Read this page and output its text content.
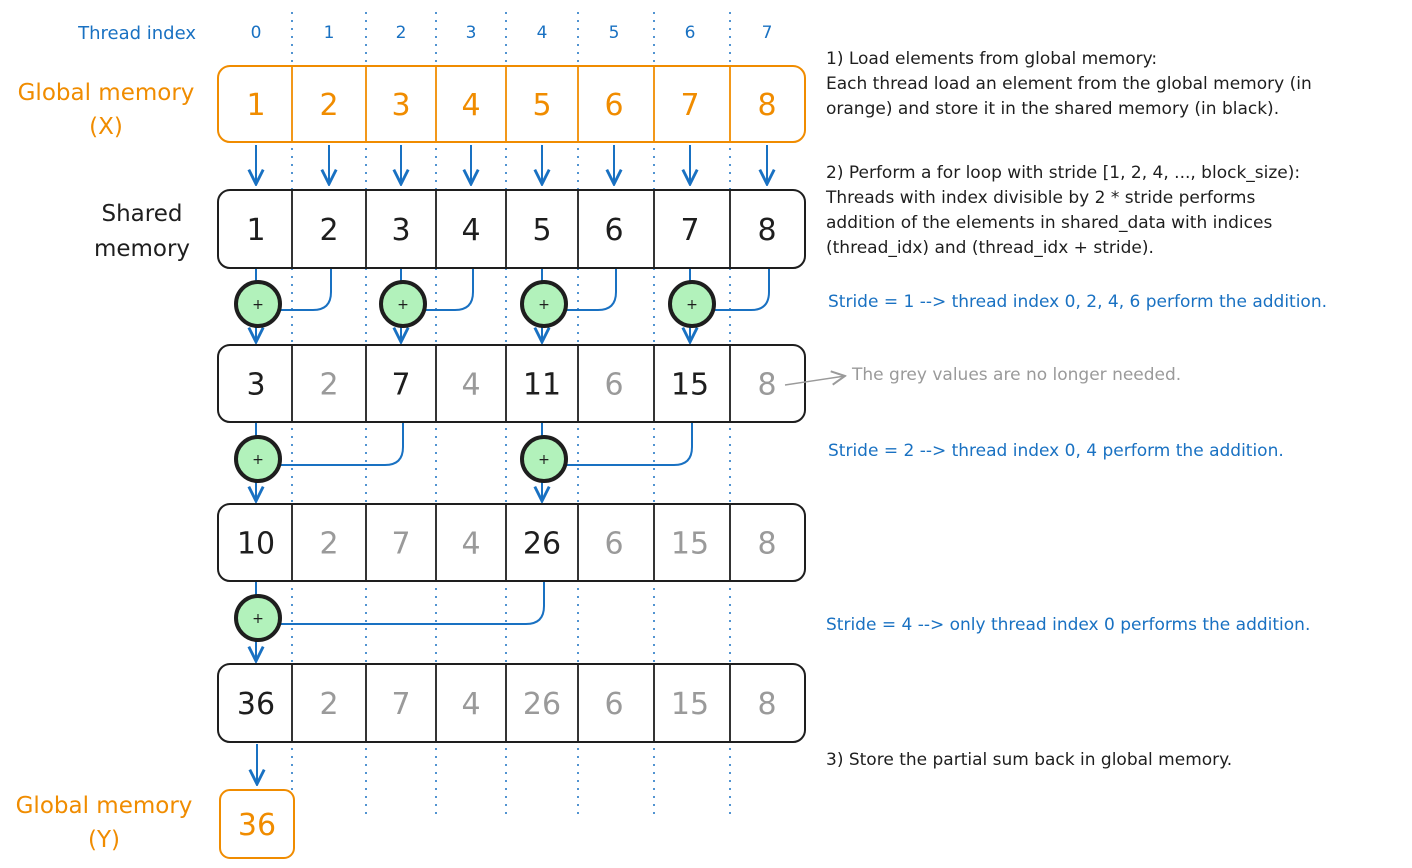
0	1	2	3	4	5	6	7
1 2 3 4 5 6 7 8
1 2 3 4 5 6 7 8
3 2 7 4 11 6 15 8
10 2 7 4 26 6 15 8
36 2 7 4 26 6 15 8
+	+	+	+
+	+
+
Thread index
Global memory
(X)
Shared
memory
Global memory
(Y)	36
1) Load elements from global memory:
Each thread load an element from the global memory (in
orange) and store it in the shared memory (in black).
2) Perform a for loop with stride [1, 2, 4, ..., block_size):
Threads with index divisible by 2 * stride performs
addition of the elements in shared_data with indices
(thread_idx) and (thread_idx + stride).
Stride = 1 --> thread index 0, 2, 4, 6 perform the addition.
The grey values are no longer needed.
Stride = 2 --> thread index 0, 4 perform the addition.
Stride = 4 --> only thread index 0 performs the addition.
3) Store the partial sum back in global memory.
